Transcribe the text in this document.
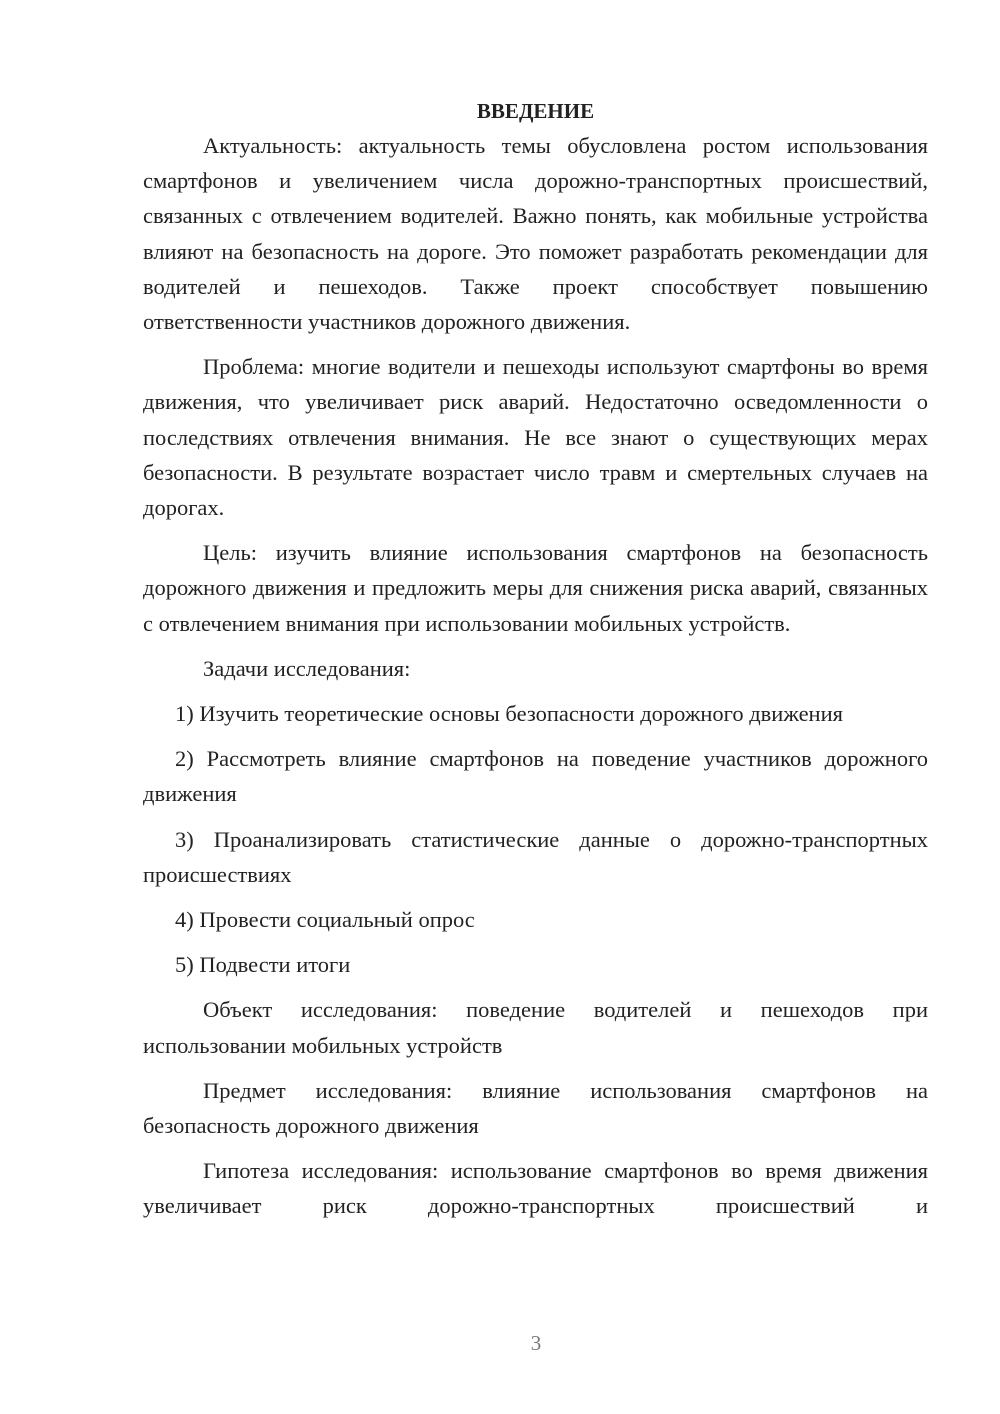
ВВЕДЕНИЕ

Актуальность: актуальность темы обусловлена ростом использования смартфонов и увеличением числа дорожно-транспортных происшествий, связанных с отвлечением водителей. Важно понять, как мобильные устройства влияют на безопасность на дороге. Это поможет разработать рекомендации для водителей и пешеходов. Также проект способствует повышению ответственности участников дорожного движения.

Проблема: многие водители и пешеходы используют смартфоны во время движения, что увеличивает риск аварий. Недостаточно осведомленности о последствиях отвлечения внимания. Не все знают о существующих мерах безопасности. В результате возрастает число травм и смертельных случаев на дорогах.

Цель: изучить влияние использования смартфонов на безопасность дорожного движения и предложить меры для снижения риска аварий, связанных с отвлечением внимания при использовании мобильных устройств.

Задачи исследования:

1) Изучить теоретические основы безопасности дорожного движения

2) Рассмотреть влияние смартфонов на поведение участников дорожного движения

3) Проанализировать статистические данные о дорожно-транспортных происшествиях

4) Провести социальный опрос

5) Подвести итоги

Объект исследования: поведение водителей и пешеходов при использовании мобильных устройств

Предмет исследования: влияние использования смартфонов на безопасность дорожного движения

Гипотеза исследования: использование смартфонов во время движения увеличивает риск дорожно-транспортных происшествий и

3
